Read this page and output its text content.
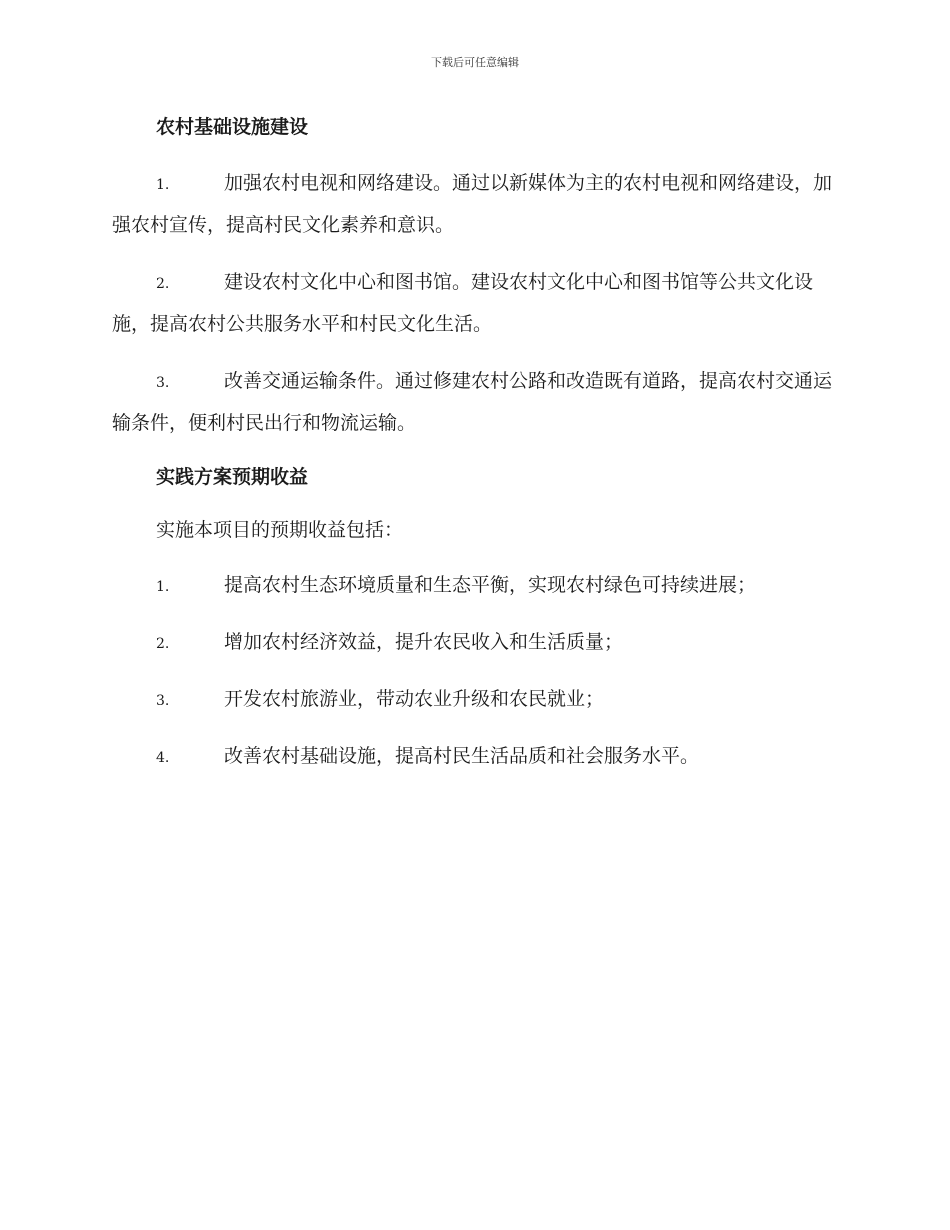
下载后可任意编辑
农村基础设施建设
1.	加强农村电视和网络建设。通过以新媒体为主的农村电视和网络建设，加强农村宣传，提高村民文化素养和意识。
2.	建设农村文化中心和图书馆。建设农村文化中心和图书馆等公共文化设施，提高农村公共服务水平和村民文化生活。
3.	改善交通运输条件。通过修建农村公路和改造既有道路，提高农村交通运输条件，便利村民出行和物流运输。
实践方案预期收益
实施本项目的预期收益包括：
1.	提高农村生态环境质量和生态平衡，实现农村绿色可持续进展；
2.	增加农村经济效益，提升农民收入和生活质量；
3.	开发农村旅游业，带动农业升级和农民就业；
4.	改善农村基础设施，提高村民生活品质和社会服务水平。
